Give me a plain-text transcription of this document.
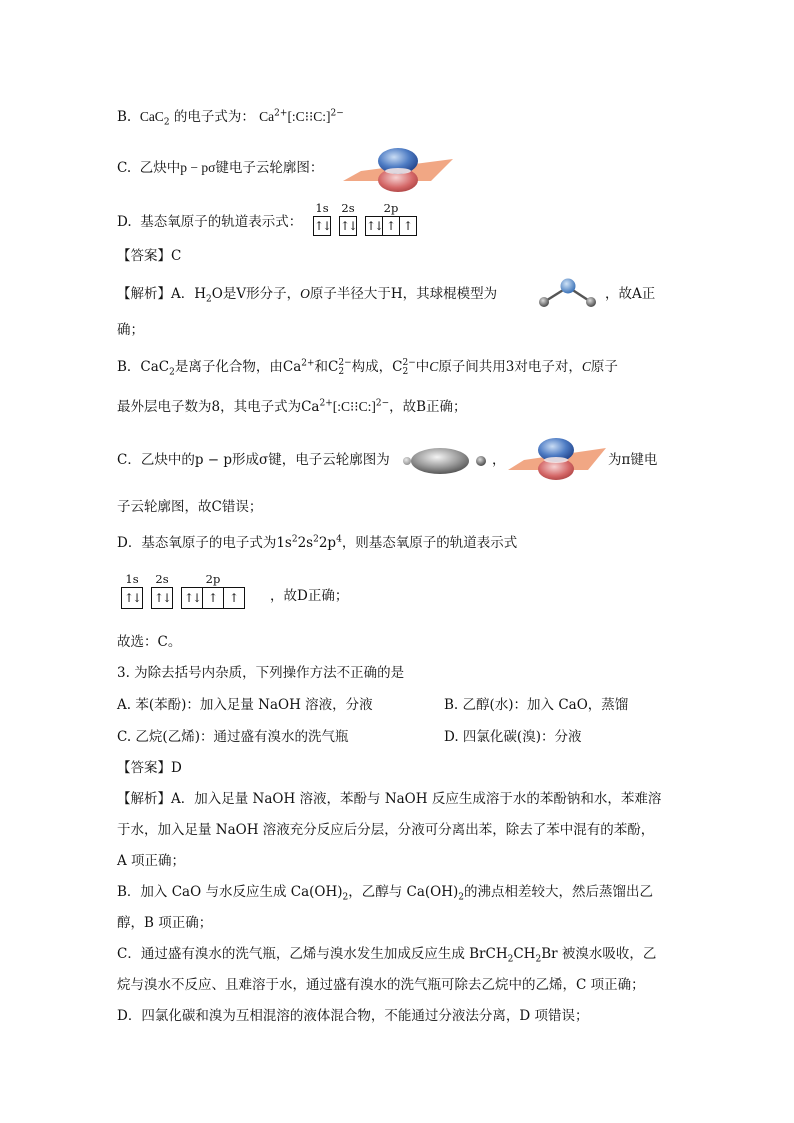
B. CaC$_2$ 的电子式为： $Ca^{2+}[:C⁝⁝C:]^{2-}$
C. 乙炔中p − pσ键电子云轮廓图：
D. 基态氧原子的轨道表示式：
1s
↑↓
2s
↑↓
2p
↑↓ ↑ ↑
【答案】C
【解析】A．$H_2O$是V形分子，O原子半径大于H，其球棍模型为	，故A正
确；
B．CaC$_2$是离子化合物，由$Ca^{2+}$和C 2−
2 构成，C 2−
2 中C原子间共用3对电子对，C原子
最外层电子数为8，其电子式为$Ca^{2+}[:C⁝⁝C:]^{2-}$，故B正确；
C．乙炔中的p − p形成σ键，电子云轮廓图为	，	为π键电
子云轮廓图，故C错误；
D．基态氧原子的电子式为$1s^22s^22p^4$，则基态氧原子的轨道表示式
1s
↑↓
2s
↑↓
2p
↑↓ ↑ ↑	，故D正确；
故选：C。
3. 为除去括号内杂质，下列操作方法不正确的是
A. 苯(苯酚)：加入足量 NaOH 溶液，分液	B. 乙醇(水)：加入 CaO，蒸馏
C. 乙烷(乙烯)：通过盛有溴水的洗气瓶	D. 四氯化碳(溴)：分液
【答案】D
【解析】A．加入足量 NaOH 溶液，苯酚与 NaOH 反应生成溶于水的苯酚钠和水，苯难溶
于水，加入足量 NaOH 溶液充分反应后分层，分液可分离出苯，除去了苯中混有的苯酚，
A 项正确；
B．加入 CaO 与水反应生成 $Ca(OH)_2$，乙醇与 $Ca(OH)_2$的沸点相差较大，然后蒸馏出乙
醇，B 项正确；
C．通过盛有溴水的洗气瓶，乙烯与溴水发生加成反应生成 $BrCH_2CH_2Br$ 被溴水吸收，乙
烷与溴水不反应、且难溶于水，通过盛有溴水的洗气瓶可除去乙烷中的乙烯，C 项正确；
D．四氯化碳和溴为互相混溶的液体混合物，不能通过分液法分离，D 项错误；
